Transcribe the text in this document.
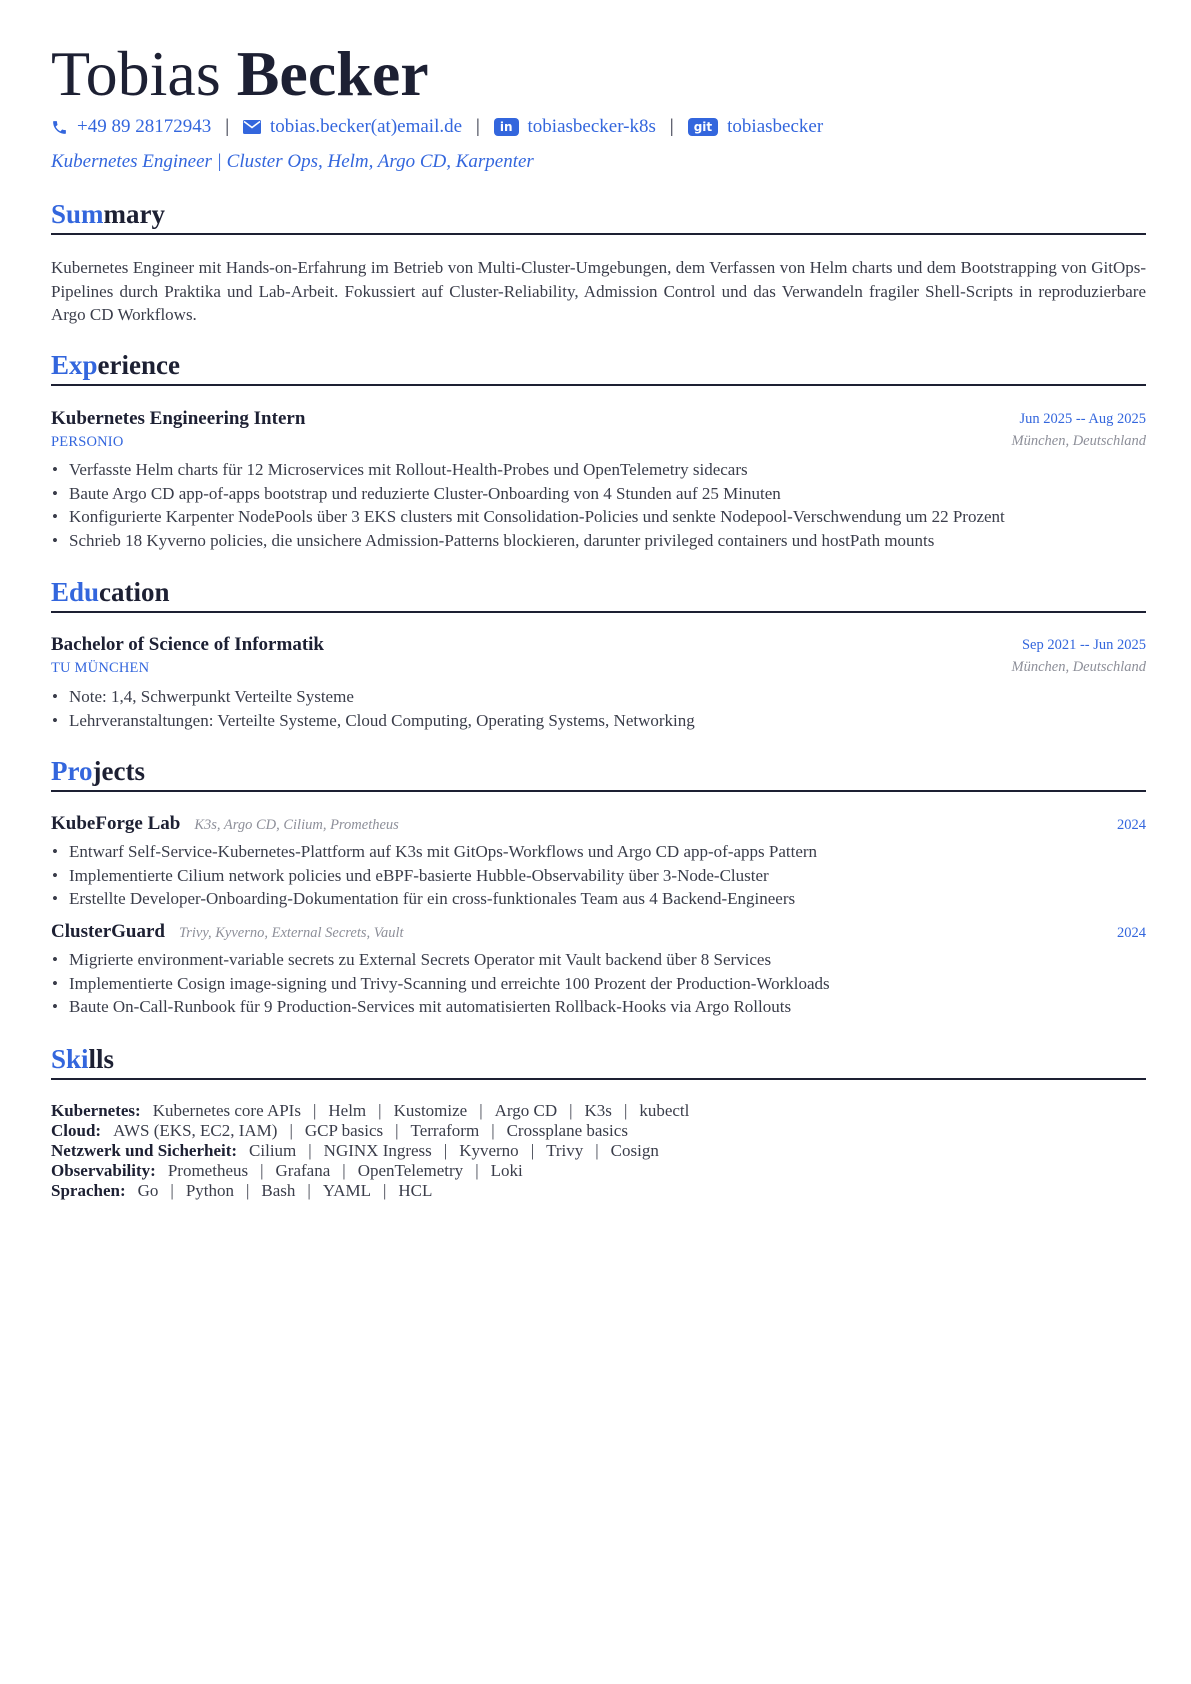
Tobias Becker
+49 89 28172943 | tobias.becker(at)email.de |	in tobiasbecker-k8s |	git tobiasbecker
Kubernetes Engineer | Cluster Ops, Helm, Argo CD, Karpenter
Summary

Kubernetes Engineer mit Hands-on-Erfahrung im Betrieb von Multi-Cluster-Umgebungen, dem Verfassen von Helm charts und dem Bootstrapping von GitOps-Pipelines durch Praktika und Lab-Arbeit. Fokussiert auf Cluster-Reliability, Admission Control und das Verwandeln fragiler Shell-Scripts in reproduzierbare Argo CD Workflows.

Experience
Kubernetes Engineering Intern	Jun 2025 -- Aug 2025
PERSONIO	München, Deutschland
• Verfasste Helm charts für 12 Microservices mit Rollout-Health-Probes und OpenTelemetry sidecars
• Baute Argo CD app-of-apps bootstrap und reduzierte Cluster-Onboarding von 4 Stunden auf 25 Minuten
• Konfigurierte Karpenter NodePools über 3 EKS clusters mit Consolidation-Policies und senkte Nodepool-Verschwendung um 22 Prozent
• Schrieb 18 Kyverno policies, die unsichere Admission-Patterns blockieren, darunter privileged containers und hostPath mounts
Education
Bachelor of Science of Informatik	Sep 2021 -- Jun 2025
TU MÜNCHEN	München, Deutschland
• Note: 1,4, Schwerpunkt Verteilte Systeme
• Lehrveranstaltungen: Verteilte Systeme, Cloud Computing, Operating Systems, Networking
Projects
KubeForge Lab K3s, Argo CD, Cilium, Prometheus	2024
• Entwarf Self-Service-Kubernetes-Plattform auf K3s mit GitOps-Workflows und Argo CD app-of-apps Pattern
• Implementierte Cilium network policies und eBPF-basierte Hubble-Observability über 3-Node-Cluster
• Erstellte Developer-Onboarding-Dokumentation für ein cross-funktionales Team aus 4 Backend-Engineers
ClusterGuard Trivy, Kyverno, External Secrets, Vault	2024
• Migrierte environment-variable secrets zu External Secrets Operator mit Vault backend über 8 Services
• Implementierte Cosign image-signing und Trivy-Scanning und erreichte 100 Prozent der Production-Workloads
• Baute On-Call-Runbook für 9 Production-Services mit automatisierten Rollback-Hooks via Argo Rollouts
Skills
Kubernetes: Kubernetes core APIs | Helm | Kustomize | Argo CD | K3s | kubectl
Cloud: AWS (EKS, EC2, IAM) | GCP basics | Terraform | Crossplane basics
Netzwerk und Sicherheit: Cilium | NGINX Ingress | Kyverno | Trivy | Cosign
Observability: Prometheus | Grafana | OpenTelemetry | Loki
Sprachen: Go | Python | Bash | YAML | HCL
